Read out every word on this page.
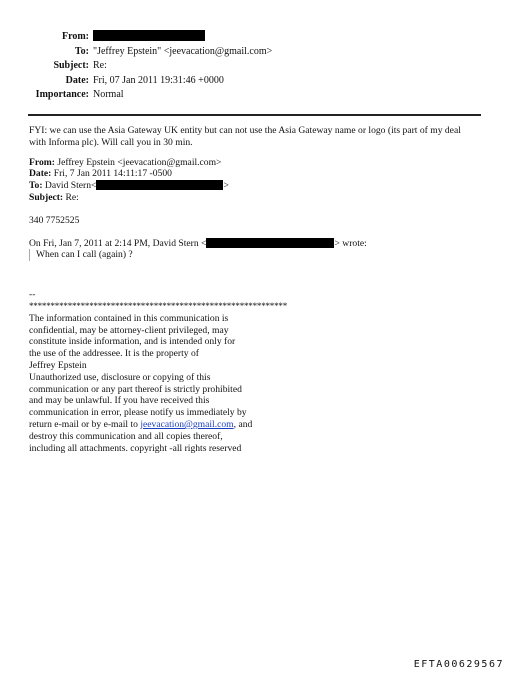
From:
To: "Jeffrey Epstein" <jeevacation@gmail.com>
Subject: Re:
Date: Fri, 07 Jan 2011 19:31:46 +0000
Importance: Normal

FYI: we can use the Asia Gateway UK entity but can not use the Asia Gateway name or logo (its part of my deal

with Informa plc). Will call you in 30 min.

From: Jeffrey Epstein <jeevacation@gmail.com>

Date: Fri, 7 Jan 2011 14:11:17 -0500

To: David Stern<	>

Subject: Re:

340 7752525

On Fri, Jan 7, 2011 at 2:14 PM, David Stern <	> wrote:

When can I call (again) ?

--

************************************************************

The information contained in this communication is

confidential, may be attorney-client privileged, may

constitute inside information, and is intended only for

the use of the addressee. It is the property of

Jeffrey Epstein

Unauthorized use, disclosure or copying of this

communication or any part thereof is strictly prohibited

and may be unlawful. If you have received this

communication in error, please notify us immediately by

return e-mail or by e-mail to jeevacation@gmail.com, and

destroy this communication and all copies thereof,

including all attachments. copyright -all rights reserved

EFTA00629567
